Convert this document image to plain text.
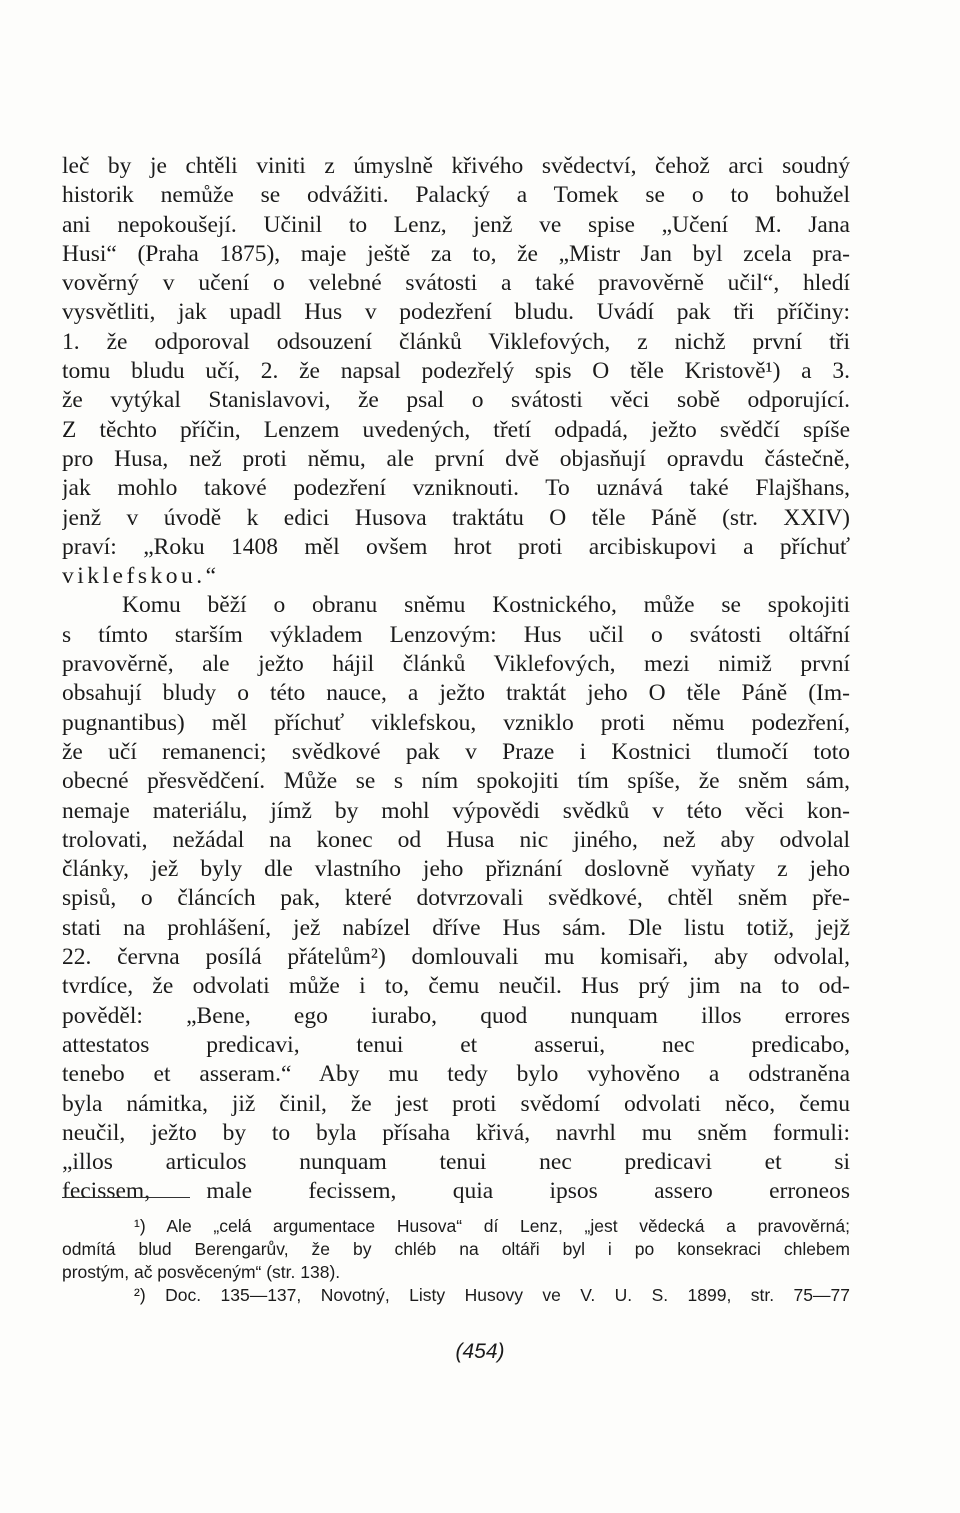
leč by je chtěli viniti z úmyslně křivého svědectví, čehož arci soudný
historik nemůže se odvážiti. Palacký a Tomek se o to bohužel
ani nepokoušejí. Učinil to Lenz, jenž ve spise „Učení M. Jana
Husi“ (Praha 1875), maje ještě za to, že „Mistr Jan byl zcela pra-
vověrný v učení o velebné svátosti a také pravověrně učil“, hledí
vysvětliti, jak upadl Hus v podezření bludu. Uvádí pak tři příčiny:
1. že odporoval odsouzení článků Viklefových, z nichž první tři
tomu bludu učí, 2. že napsal podezřelý spis O těle Kristově¹) a 3.
že vytýkal Stanislavovi, že psal o svátosti věci sobě odporující.
Z těchto příčin, Lenzem uvedených, třetí odpadá, ježto svědčí spíše
pro Husa, než proti němu, ale první dvě objasňují opravdu částečně,
jak mohlo takové podezření vzniknouti. To uznává také Flajšhans,
jenž v úvodě k edici Husova traktátu O těle Páně (str. XXIV)
praví: „Roku 1408 měl ovšem hrot proti arcibiskupovi a příchuť
viklefskou.“
Komu běží o obranu sněmu Kostnického, může se spokojiti
s tímto starším výkladem Lenzovým: Hus učil o svátosti oltářní
pravověrně, ale ježto hájil článků Viklefových, mezi nimiž první
obsahují bludy o této nauce, a ježto traktát jeho O těle Páně (Im-
pugnantibus) měl příchuť viklefskou, vzniklo proti němu podezření,
že učí remanenci; svědkové pak v Praze i Kostnici tlumočí toto
obecné přesvědčení. Může se s ním spokojiti tím spíše, že sněm sám,
nemaje materiálu, jímž by mohl výpovědi svědků v této věci kon-
trolovati, nežádal na konec od Husa nic jiného, než aby odvolal
články, jež byly dle vlastního jeho přiznání doslovně vyňaty z jeho
spisů, o článcích pak, které dotvrzovali svědkové, chtěl sněm pře-
stati na prohlášení, jež nabízel dříve Hus sám. Dle listu totiž, jejž
22. června posílá přátelům²) domlouvali mu komisaři, aby odvolal,
tvrdíce, že odvolati může i to, čemu neučil. Hus prý jim na to od-
pověděl: „Bene, ego iurabo, quod nunquam illos errores
attestatos predicavi, tenui et asserui, nec predicabo,
tenebo et asseram.“ Aby mu tedy bylo vyhověno a odstraněna
byla námitka, již činil, že jest proti svědomí odvolati něco, čemu
neučil, ježto by to byla přísaha křivá, navrhl mu sněm formuli:
„illos articulos nunquam tenui nec predicavi et si
fecissem, male fecissem, quia ipsos assero erroneos
¹) Ale „celá argumentace Husova“ dí Lenz, „jest vědecká a pravověrná;
odmítá blud Berengarův, že by chléb na oltáři byl i po konsekraci chlebem
prostým, ač posvěceným“ (str. 138).
²) Doc. 135—137, Novotný, Listy Husovy ve V. U. S. 1899, str. 75—77
(454)
